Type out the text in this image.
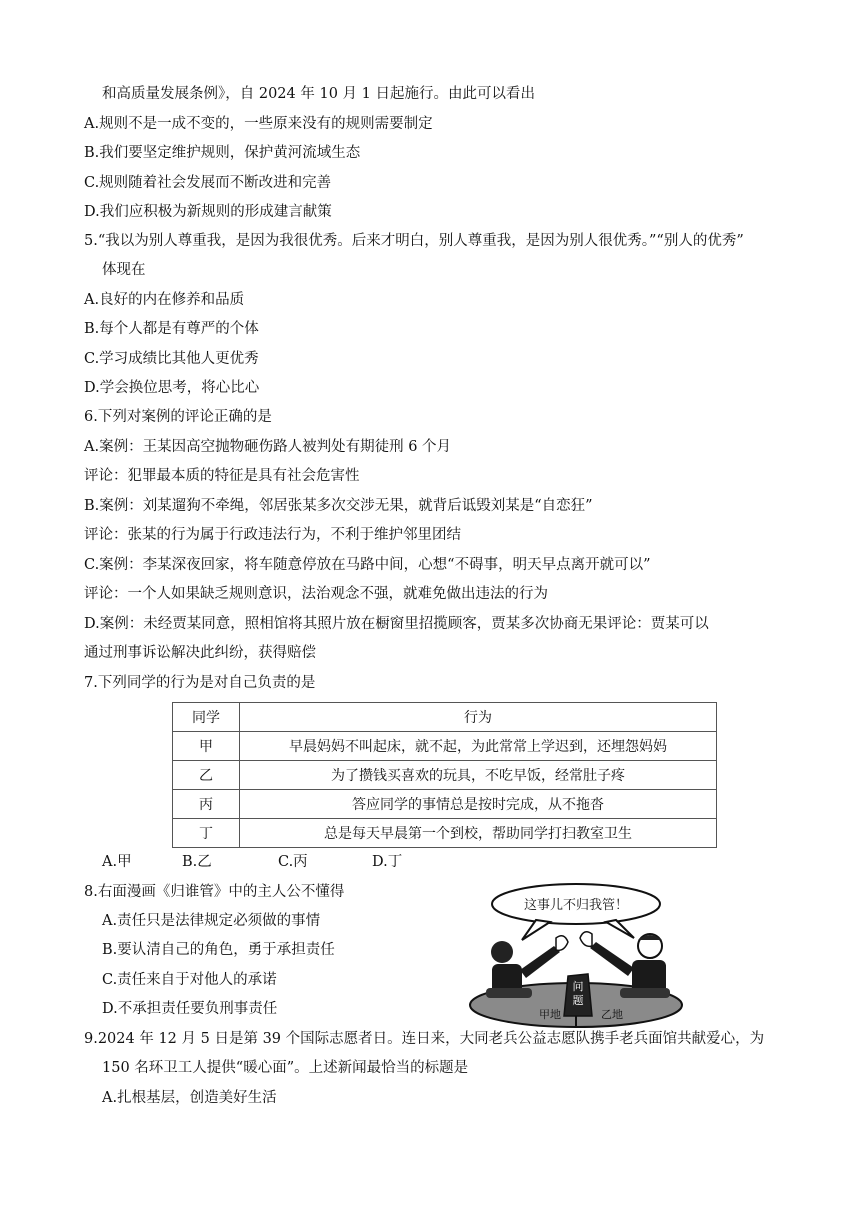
和高质量发展条例》，自 2024 年 10 月 1 日起施行。由此可以看出
A.规则不是一成不变的，一些原来没有的规则需要制定
B.我们要坚定维护规则，保护黄河流域生态
C.规则随着社会发展而不断改进和完善
D.我们应积极为新规则的形成建言献策
5.“我以为别人尊重我，是因为我很优秀。后来才明白，别人尊重我，是因为别人很优秀。”“别人的优秀”
体现在
A.良好的内在修养和品质
B.每个人都是有尊严的个体
C.学习成绩比其他人更优秀
D.学会换位思考，将心比心
6.下列对案例的评论正确的是
A.案例：王某因高空抛物砸伤路人被判处有期徒刑 6 个月
评论：犯罪最本质的特征是具有社会危害性
B.案例：刘某遛狗不牵绳，邻居张某多次交涉无果，就背后诋毁刘某是“自恋狂”
评论：张某的行为属于行政违法行为，不利于维护邻里团结
C.案例：李某深夜回家，将车随意停放在马路中间，心想“不碍事，明天早点离开就可以”
评论：一个人如果缺乏规则意识，法治观念不强，就难免做出违法的行为
D.案例：未经贾某同意，照相馆将其照片放在橱窗里招揽顾客，贾某多次协商无果评论：贾某可以
通过刑事诉讼解决此纠纷，获得赔偿
7.下列同学的行为是对自己负责的是
同学	行为
甲	早晨妈妈不叫起床，就不起，为此常常上学迟到，还埋怨妈妈
乙	为了攒钱买喜欢的玩具，不吃早饭，经常肚子疼
丙	答应同学的事情总是按时完成，从不拖沓
丁	总是每天早晨第一个到校，帮助同学打扫教室卫生
A.甲	B.乙	C.丙	D.丁
8.右面漫画《归谁管》中的主人公不懂得
A.责任只是法律规定必须做的事情
B.要认清自己的角色，勇于承担责任
C.责任来自于对他人的承诺
D.不承担责任要负刑事责任
这事儿不归我管！
问
题
甲地	乙地
9.2024 年 12 月 5 日是第 39 个国际志愿者日。连日来，大同老兵公益志愿队携手老兵面馆共献爱心，为
150 名环卫工人提供“暖心面”。上述新闻最恰当的标题是
A.扎根基层，创造美好生活
